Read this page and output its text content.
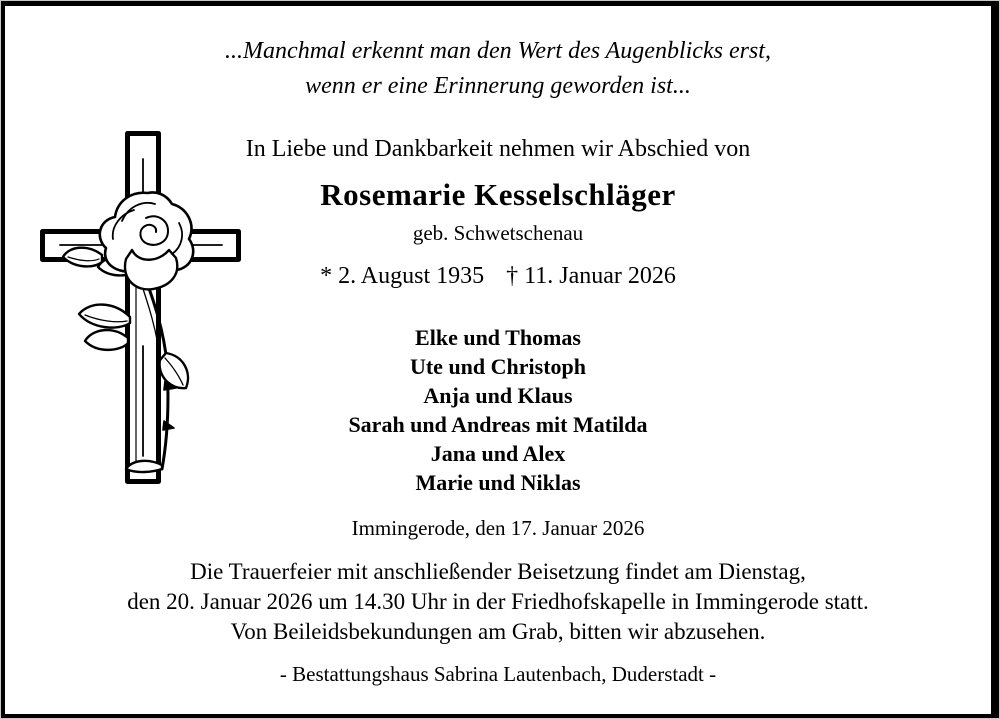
...Manchmal erkennt man den Wert des Augenblicks erst,
wenn er eine Erinnerung geworden ist...
In Liebe und Dankbarkeit nehmen wir Abschied von
Rosemarie Kesselschläger
geb. Schwetschenau
* 2. August 1935 † 11. Januar 2026
Elke und Thomas
Ute und Christoph
Anja und Klaus
Sarah und Andreas mit Matilda
Jana und Alex
Marie und Niklas
Immingerode, den 17. Januar 2026
Die Trauerfeier mit anschließender Beisetzung findet am Dienstag,
den 20. Januar 2026 um 14.30 Uhr in der Friedhofskapelle in Immingerode statt.
Von Beileidsbekundungen am Grab, bitten wir abzusehen.
- Bestattungshaus Sabrina Lautenbach, Duderstadt -
